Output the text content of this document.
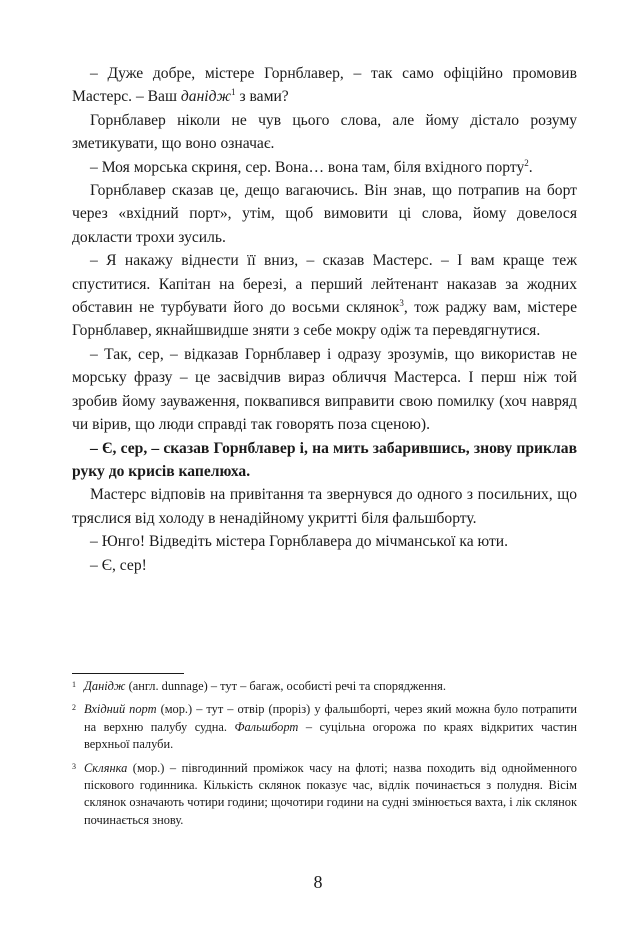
– Дуже добре, містере Горнблавер, – так само офіційно промовив Мастерс. – Ваш данідж$^1$ з вами?

Горнблавер ніколи не чув цього слова, але йому дістало розуму зметикувати, що воно означає.

– Моя морська скриня, сер. Вона… вона там, біля вхідного порту$^2$.

Горнблавер сказав це, дещо вагаючись. Він знав, що потрапив на борт через «вхідний порт», утім, щоб вимовити ці слова, йому довелося докласти трохи зусиль.

– Я накажу віднести її вниз, – сказав Мастерс. – І вам краще теж спуститися. Капітан на березі, а перший лейтенант наказав за жодних обставин не турбувати його до восьми склянок$^3$, тож раджу вам, містере Горнблавер, якнайшвидше зняти з себе мокру одіж та перевдягнутися.

– Так, сер, – відказав Горнблавер і одразу зрозумів, що використав не морську фразу – це засвідчив вираз обличчя Мастерса. І перш ніж той зробив йому зауваження, поквапився виправити свою помилку (хоч навряд чи вірив, що люди справді так говорять поза сценою).

– Є, сер, – сказав Горнблавер і, на мить забарившись, знову приклав руку до крисів капелюха.

Мастерс відповів на привітання та звернувся до одного з посильних, що тряслися від холоду в ненадійному укритті біля фальшборту.

– Юнго! Відведіть містера Горнблавера до мічманської ка юти.

– Є, сер!

1 Данідж (англ. dunnage) – тут – багаж, особисті речі та спорядження.
2 Вхідний порт (мор.) – тут – отвір (проріз) у фальшборті, через який можна було потрапити на верхню палубу судна. Фальшборт – суцільна огорожа по краях відкритих частин верхньої палуби.
3 Склянка (мор.) – півгодинний проміжок часу на флоті; назва походить від однойменного піскового годинника. Кількість склянок показує час, відлік починається з полудня. Вісім склянок означають чотири години; щочотири години на судні змінюється вахта, і лік склянок починається знову.
8
